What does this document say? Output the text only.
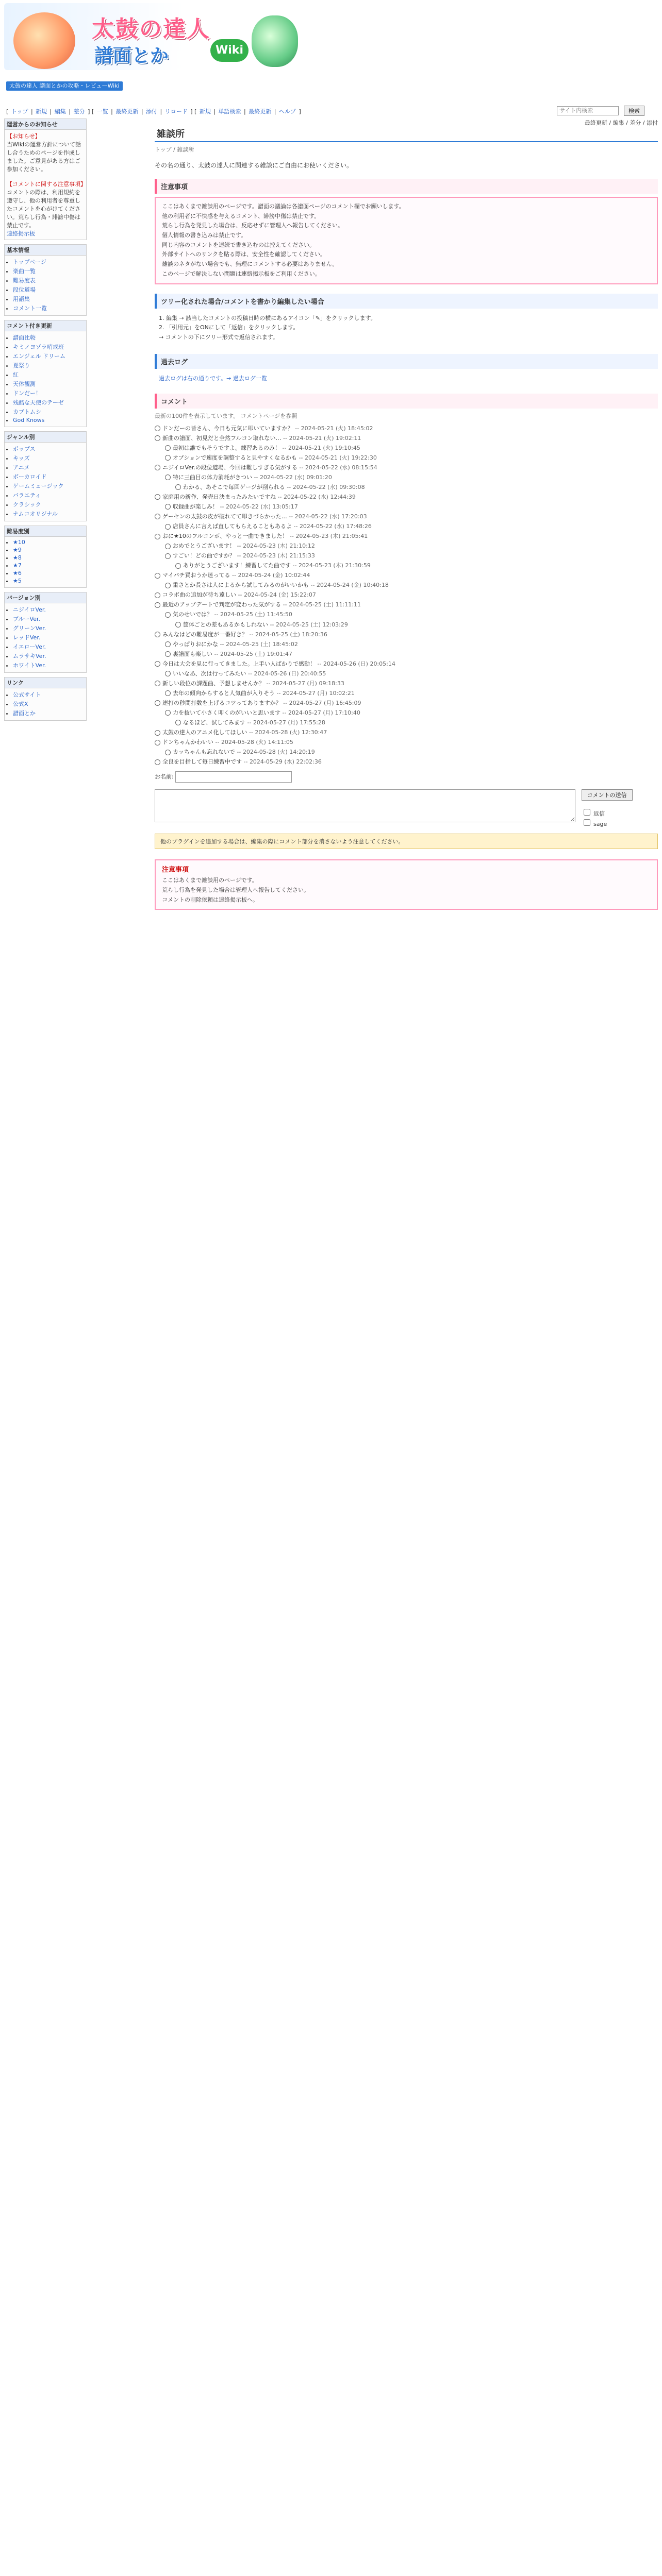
太鼓の達人
譜面とか	Wiki
太鼓の達人 譜面とかの攻略・レビューWiki
[ トップ | 新規 | 編集 | 差分 ] [ 一覧 | 最終更新 | 添付 | リロード ] [ 新規 | 単語検索 | 最終更新 | ヘルプ ]
サイト内検索	検索
運営からのお知らせ
【お知らせ】
当Wikiの運営方針について話し合うためのページを作成しました。ご意見がある方はご参加ください。

【コメントに関する注意事項】
コメントの際は、利用規約を遵守し、他の利用者を尊重したコメントを心がけてください。荒らし行為・誹謗中傷は禁止です。
連絡掲示板
基本情報
• トップページ
• 楽曲一覧
• 難易度表
• 段位道場
• 用語集
• コメント一覧
コメント付き更新
• 譜面比較
• キミノヨゾラ哨戒班
• エンジェル ドリーム
• 夏祭り
• 紅
• 天体観測
• ドンだー！
• 残酷な天使のテーゼ
• カブトムシ
• God Knows
ジャンル別
• ポップス
• キッズ
• アニメ
• ボーカロイド
• ゲームミュージック
• バラエティ
• クラシック
• ナムコオリジナル
難易度別
• ★10
• ★9
• ★8
• ★7
• ★6
• ★5
バージョン別
• ニジイロVer.
• ブルーVer.
• グリーンVer.
• レッドVer.
• イエローVer.
• ムラサキVer.
• ホワイトVer.
リンク
• 公式サイト
• 公式X
• 譜面とか
最終更新 / 編集 / 差分 / 添付
雑談所
トップ / 雑談所
その名の通り、太鼓の達人に関連する雑談にご自由にお使いください。
注意事項
ここはあくまで雑談用のページです。譜面の議論は各譜面ページのコメント欄でお願いします。
他の利用者に不快感を与えるコメント、誹謗中傷は禁止です。
荒らし行為を発見した場合は、反応せずに管理人へ報告してください。
個人情報の書き込みは禁止です。
同じ内容のコメントを連続で書き込むのは控えてください。
外部サイトへのリンクを貼る際は、安全性を確認してください。
雑談のネタがない場合でも、無理にコメントする必要はありません。
このページで解決しない問題は連絡掲示板をご利用ください。
ツリー化された場合/コメントを書かり編集したい場合
1. 編集 → 該当したコメントの投稿日時の横にあるアイコン「✎」をクリックします。
2. 「引用元」をONにして「返信」をクリックします。
→ コメントの下にツリー形式で返信されます。
過去ログ
過去ログは右の通りです。→ 過去ログ一覧
コメント
最新の100件を表示しています。 コメントページを参照
ドンだーの皆さん、今日も元気に叩いていますか？ -- 2024-05-21 (火) 18:45:02
新曲の譜面、初見だと全然フルコン取れない… -- 2024-05-21 (火) 19:02:11
最初は誰でもそうですよ。練習あるのみ！ -- 2024-05-21 (火) 19:10:45
オプションで速度を調整すると見やすくなるかも -- 2024-05-21 (火) 19:22:30
ニジイロVer.の段位道場、今回は難しすぎる気がする -- 2024-05-22 (水) 08:15:54
特に三曲目の体力消耗がきつい -- 2024-05-22 (水) 09:01:20
わかる、あそこで毎回ゲージが削られる -- 2024-05-22 (水) 09:30:08
家庭用の新作、発売日決まったみたいですね -- 2024-05-22 (水) 12:44:39
収録曲が楽しみ！ -- 2024-05-22 (水) 13:05:17
ゲーセンの太鼓の皮が破れてて叩きづらかった… -- 2024-05-22 (水) 17:20:03
店員さんに言えば直してもらえることもあるよ -- 2024-05-22 (水) 17:48:26
おに★10のフルコンボ、やっと一曲できました！ -- 2024-05-23 (木) 21:05:41
おめでとうございます！ -- 2024-05-23 (木) 21:10:12
すごい！どの曲ですか？ -- 2024-05-23 (木) 21:15:33
ありがとうございます！練習してた曲です -- 2024-05-23 (木) 21:30:59
マイバチ買おうか迷ってる -- 2024-05-24 (金) 10:02:44
重さとか長さは人によるから試してみるのがいいかも -- 2024-05-24 (金) 10:40:18
コラボ曲の追加が待ち遠しい -- 2024-05-24 (金) 15:22:07
最近のアップデートで判定が変わった気がする -- 2024-05-25 (土) 11:11:11
気のせいでは？ -- 2024-05-25 (土) 11:45:50
筐体ごとの差もあるかもしれない -- 2024-05-25 (土) 12:03:29
みんなはどの難易度が一番好き？ -- 2024-05-25 (土) 18:20:36
やっぱりおにかな -- 2024-05-25 (土) 18:45:02
裏譜面も楽しい -- 2024-05-25 (土) 19:01:47
今日は大会を見に行ってきました。上手い人ばかりで感動！ -- 2024-05-26 (日) 20:05:14
いいなあ、次は行ってみたい -- 2024-05-26 (日) 20:40:55
新しい段位の課題曲、予想しませんか？ -- 2024-05-27 (月) 09:18:33
去年の傾向からすると人気曲が入りそう -- 2024-05-27 (月) 10:02:21
連打の秒間打数を上げるコツってありますか？ -- 2024-05-27 (月) 16:45:09
力を抜いて小さく叩くのがいいと思います -- 2024-05-27 (月) 17:10:40
なるほど、試してみます -- 2024-05-27 (月) 17:55:28
太鼓の達人のアニメ化してほしい -- 2024-05-28 (火) 12:30:47
ドンちゃんかわいい -- 2024-05-28 (火) 14:11:05
カッちゃんも忘れないで -- 2024-05-28 (火) 14:20:19
全良を目指して毎日練習中です -- 2024-05-29 (水) 22:02:36
お名前:

コメントの送信

返信
sage
他のプラグインを追加する場合は、編集の際にコメント部分を消さないよう注意してください。
注意事項
ここはあくまで雑談用のページです。
荒らし行為を発見した場合は管理人へ報告してください。
コメントの削除依頼は連絡掲示板へ。
